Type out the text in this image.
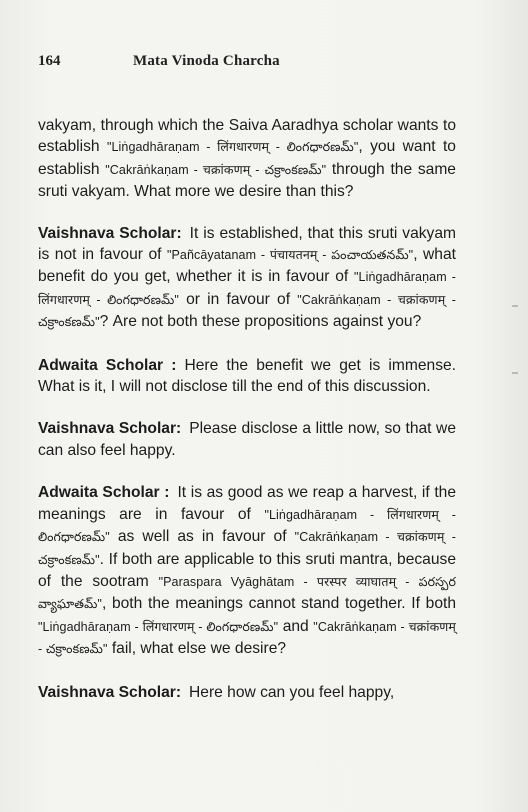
164	Mata Vinoda Charcha

vakyam, through which the Saiva Aaradhya scholar wants to establish "Liṅgadhāraṇam - लिंगधारणम् - లింగధారణమ్", you want to establish "Cakrāṅkaṇam - चक्रांकणम् - చక్రాంకణమ్" through the same sruti vakyam. What more we desire than this?

Vaishnava Scholar: It is established, that this sruti vakyam is not in favour of "Pañcāyatanam - पंचायतनम् - పంచాయతనమ్", what benefit do you get, whether it is in favour of "Liṅgadhāraṇam - लिंगधारणम् - లింగధారణమ్" or in favour of "Cakrāṅkaṇam - चक्रांकणम् - చక్రాంకణమ్"? Are not both these propositions against you?

Adwaita Scholar : Here the benefit we get is immense. What is it, I will not disclose till the end of this discussion.

Vaishnava Scholar: Please disclose a little now, so that we can also feel happy.

Adwaita Scholar : It is as good as we reap a harvest, if the meanings are in favour of "Liṅgadhāraṇam - लिंगधारणम् - లింగధారణమ్" as well as in favour of "Cakrāṅkaṇam - चक्रांकणम् - చక్రాంకణమ్". If both are applicable to this sruti mantra, because of the sootram "Paraspara Vyāghātam - परस्पर व्याघातम् - పరస్పర వ్యాఘాతమ్", both the meanings cannot stand together. If both "Liṅgadhāraṇam - लिंगधारणम् - లింగధారణమ్" and "Cakrāṅkaṇam - चक्रांकणम् - చక్రాంకణమ్" fail, what else we desire?

Vaishnava Scholar: Here how can you feel happy,
